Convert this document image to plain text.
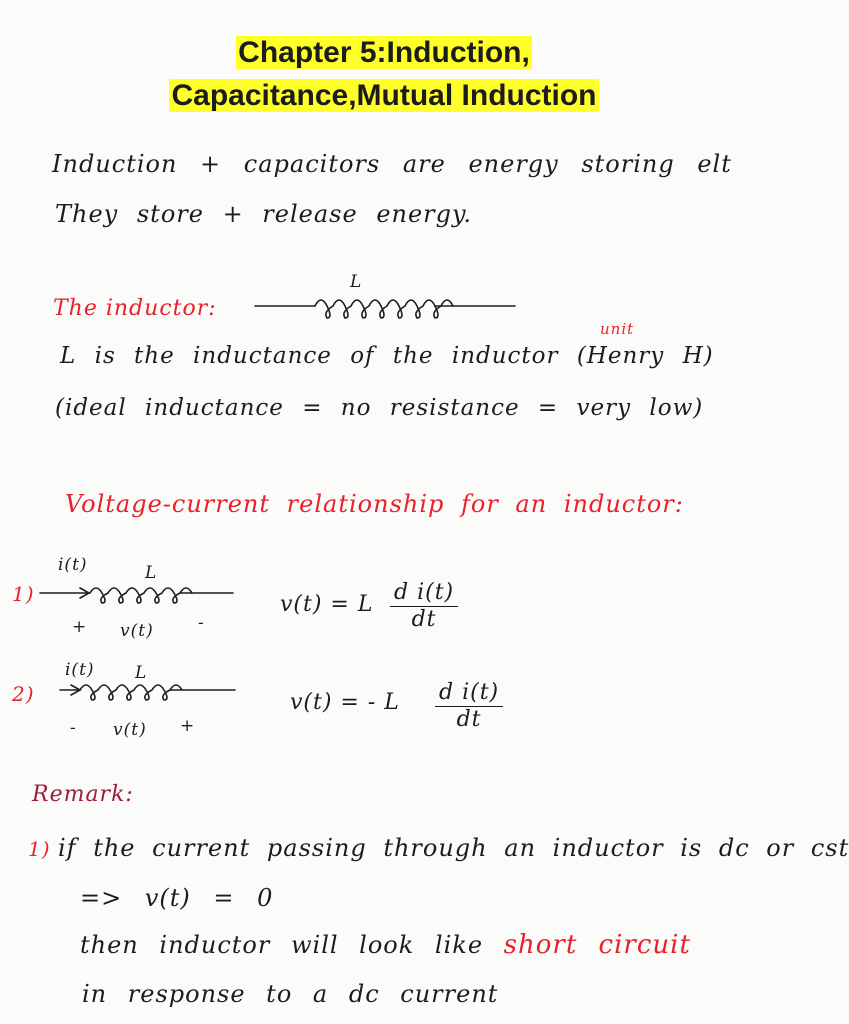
Chapter 5:Induction,
Capacitance,Mutual Induction
Induction + capacitors are energy storing elt
They store + release energy.
The inductor:
L
unit
L is the inductance of the inductor (Henry H)
(ideal inductance = no resistance = very low)
Voltage-current relationship for an inductor:
1)
i(t)	L
+ v(t)	-
v(t) = L $\frac{\text{d i(t)}}{dt}$
2)
i(t) L
- v(t) +
v(t) = - L $\frac{\text{d i(t)}}{dt}$
Remark:
1) if the current passing through an inductor is dc or cst
=> v(t) = 0
then inductor will look like short circuit
in response to a dc current
